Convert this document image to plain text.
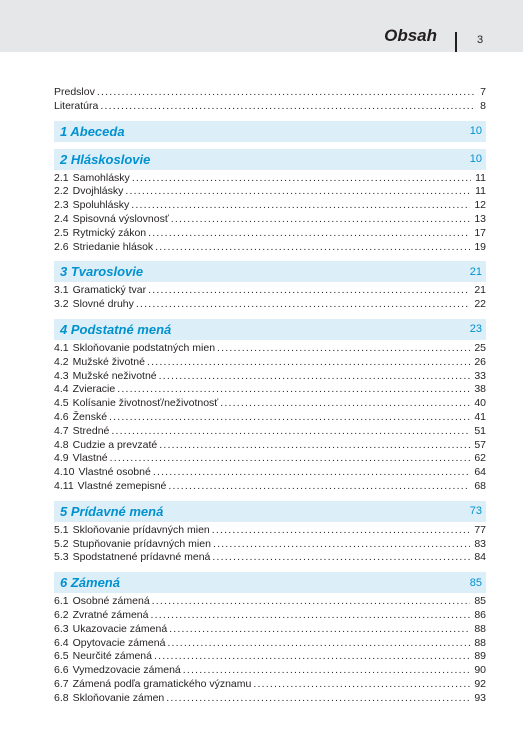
Obsah	3
Predslov .....	7
Literatúra .....	8
1 Abeceda	10
2 Hláskoslovie	10
2.1 Samohlásky .....	11
2.2 Dvojhlásky .....	11
2.3 Spoluhlásky .....	12
2.4 Spisovná výslovnosť .....	13
2.5 Rytmický zákon .....	17
2.6 Striedanie hlások .....	19
3 Tvaroslovie	21
3.1 Gramatický tvar .....	21
3.2 Slovné druhy .....	22
4 Podstatné mená	23
4.1 Skloňovanie podstatných mien .....	25
4.2 Mužské životné .....	26
4.3 Mužské neživotné .....	33
4.4 Zvieracie .....	38
4.5 Kolísanie životnosť/neživotnosť .....	40
4.6 Ženské .....	41
4.7 Stredné .....	51
4.8 Cudzie a prevzaté .....	57
4.9 Vlastné .....	62
4.10 Vlastné osobné .....	64
4.11 Vlastné zemepisné .....	68
5 Prídavné mená	73
5.1 Skloňovanie prídavných mien .....	77
5.2 Stupňovanie prídavných mien .....	83
5.3 Spodstatnené prídavné mená .....	84
6 Zámená	85
6.1 Osobné zámená .....	85
6.2 Zvratné zámená .....	86
6.3 Ukazovacie zámená .....	88
6.4 Opytovacie zámená .....	88
6.5 Neurčité zámená .....	89
6.6 Vymedzovacie zámená .....	90
6.7 Zámená podľa gramatického významu .....	92
6.8 Skloňovanie zámen .....	93
